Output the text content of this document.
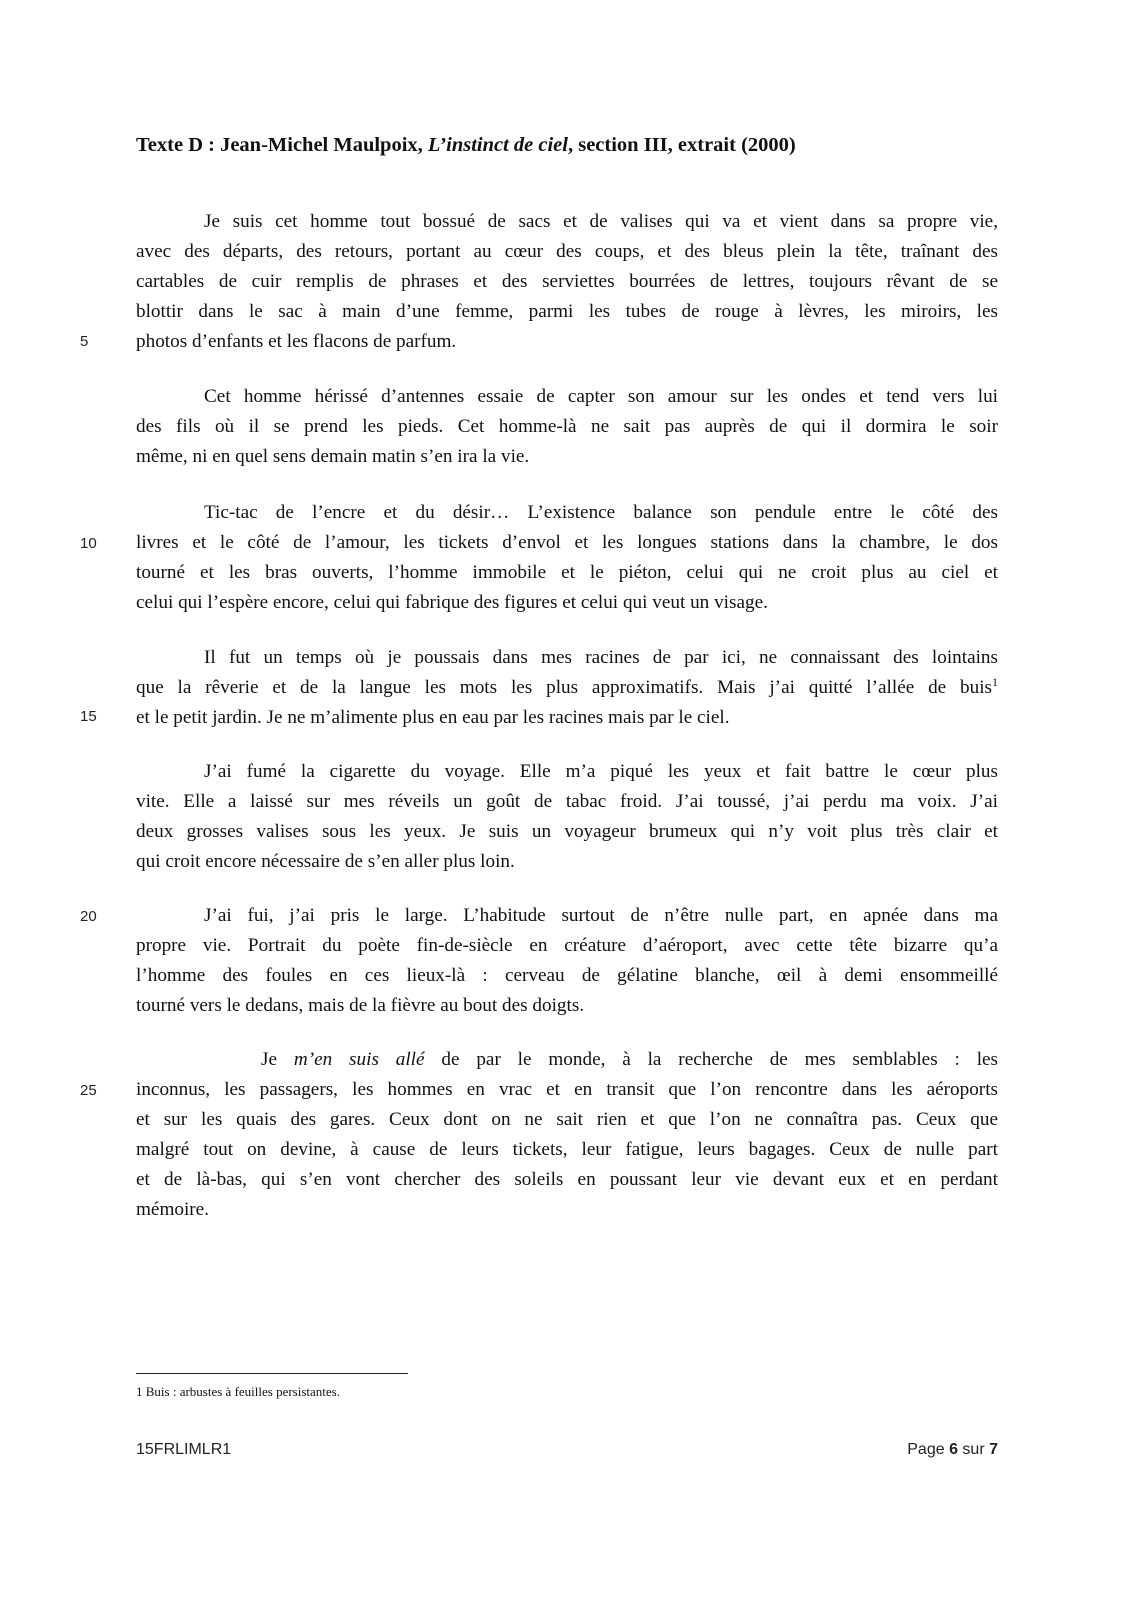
Texte D : Jean-Michel Maulpoix, L’instinct de ciel, section III, extrait (2000)

5
10
15
20
25

Je suis cet homme tout bossué de sacs et de valises qui va et vient dans sa propre vie,
avec des départs, des retours, portant au cœur des coups, et des bleus plein la tête, traînant des
cartables de cuir remplis de phrases et des serviettes bourrées de lettres, toujours rêvant de se
blottir dans le sac à main d’une femme, parmi les tubes de rouge à lèvres, les miroirs, les
photos d’enfants et les flacons de parfum.

Cet homme hérissé d’antennes essaie de capter son amour sur les ondes et tend vers lui
des fils où il se prend les pieds. Cet homme-là ne sait pas auprès de qui il dormira le soir
même, ni en quel sens demain matin s’en ira la vie.

Tic-tac de l’encre et du désir… L’existence balance son pendule entre le côté des
livres et le côté de l’amour, les tickets d’envol et les longues stations dans la chambre, le dos
tourné et les bras ouverts, l’homme immobile et le piéton, celui qui ne croit plus au ciel et
celui qui l’espère encore, celui qui fabrique des figures et celui qui veut un visage.

Il fut un temps où je poussais dans mes racines de par ici, ne connaissant des lointains
que la rêverie et de la langue les mots les plus approximatifs. Mais j’ai quitté l’allée de buis$^1$
et le petit jardin. Je ne m’alimente plus en eau par les racines mais par le ciel.

J’ai fumé la cigarette du voyage. Elle m’a piqué les yeux et fait battre le cœur plus
vite. Elle a laissé sur mes réveils un goût de tabac froid. J’ai toussé, j’ai perdu ma voix. J’ai
deux grosses valises sous les yeux. Je suis un voyageur brumeux qui n’y voit plus très clair et
qui croit encore nécessaire de s’en aller plus loin.

J’ai fui, j’ai pris le large. L’habitude surtout de n’être nulle part, en apnée dans ma
propre vie. Portrait du poète fin-de-siècle en créature d’aéroport, avec cette tête bizarre qu’a
l’homme des foules en ces lieux-là : cerveau de gélatine blanche, œil à demi ensommeillé
tourné vers le dedans, mais de la fièvre au bout des doigts.

Je m’en suis allé de par le monde, à la recherche de mes semblables : les
inconnus, les passagers, les hommes en vrac et en transit que l’on rencontre dans les aéroports
et sur les quais des gares. Ceux dont on ne sait rien et que l’on ne connaîtra pas. Ceux que
malgré tout on devine, à cause de leurs tickets, leur fatigue, leurs bagages. Ceux de nulle part
et de là-bas, qui s’en vont chercher des soleils en poussant leur vie devant eux et en perdant
mémoire.

1 Buis : arbustes à feuilles persistantes.

15FRLIMLR1	Page 6 sur 7
